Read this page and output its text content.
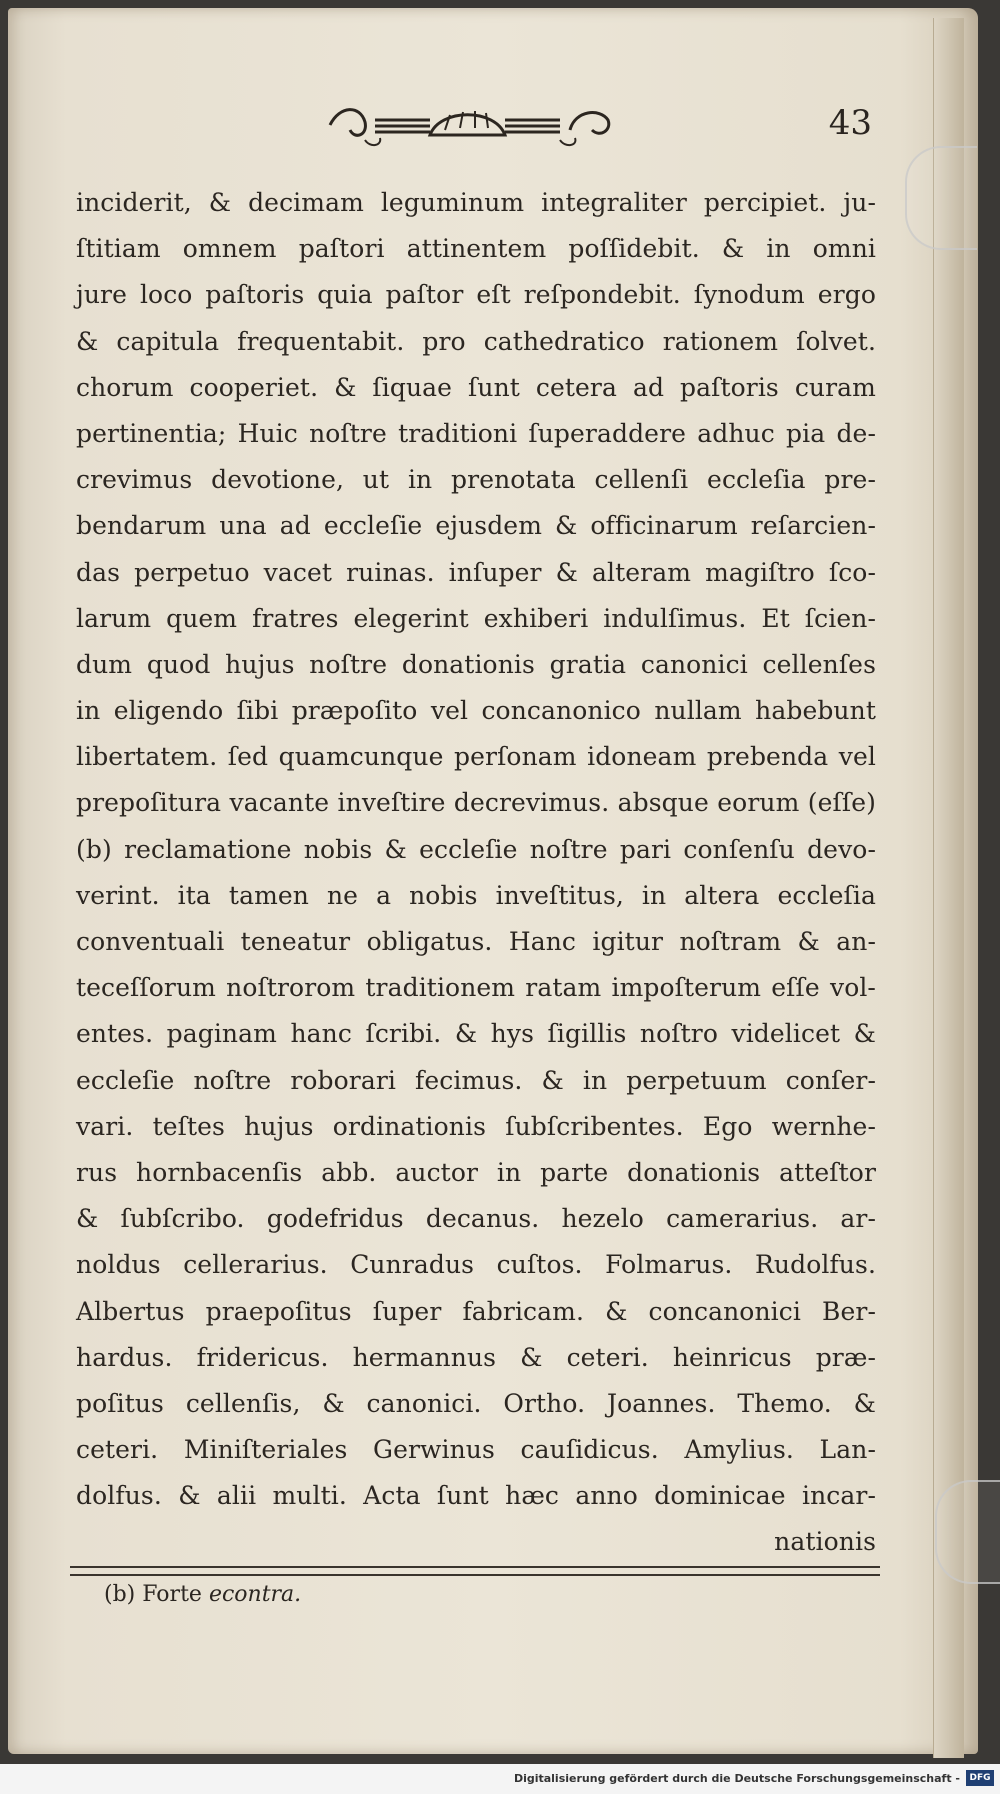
43
inciderit, & decimam leguminum integraliter percipiet. ju-
ſtitiam omnem paſtori attinentem poſſidebit. & in omni
jure loco paſtoris quia paſtor eſt reſpondebit. ſynodum ergo
& capitula frequentabit. pro cathedratico rationem ſolvet.
chorum cooperiet. & ſiquae ſunt cetera ad paſtoris curam
pertinentia; Huic noſtre traditioni ſuperaddere adhuc pia de-
crevimus devotione, ut in prenotata cellenſi eccleſia pre-
bendarum una ad eccleſie ejusdem & officinarum reſarcien-
das perpetuo vacet ruinas. inſuper & alteram magiſtro ſco-
larum quem fratres elegerint exhiberi indulſimus. Et ſcien-
dum quod hujus noſtre donationis gratia canonici cellenſes
in eligendo ſibi præpoſito vel concanonico nullam habebunt
libertatem. ſed quamcunque perſonam idoneam prebenda vel
prepoſitura vacante inveſtire decrevimus. absque eorum (eſſe)
(b) reclamatione nobis & eccleſie noſtre pari conſenſu devo-
verint. ita tamen ne a nobis inveſtitus, in altera eccleſia
conventuali teneatur obligatus. Hanc igitur noſtram & an-
teceſſorum noſtrorom traditionem ratam impoſterum eſſe vol-
entes. paginam hanc ſcribi. & hys ſigillis noſtro videlicet &
eccleſie noſtre roborari fecimus. & in perpetuum conſer-
vari. teſtes hujus ordinationis ſubſcribentes. Ego wernhe-
rus hornbacenſis abb. auctor in parte donationis atteſtor
& ſubſcribo. godefridus decanus. hezelo camerarius. ar-
noldus cellerarius. Cunradus cuſtos. Folmarus. Rudolfus.
Albertus praepoſitus ſuper fabricam. & concanonici Ber-
hardus. fridericus. hermannus & ceteri. heinricus præ-
poſitus cellenſis, & canonici. Ortho. Joannes. Themo. &
ceteri. Miniſteriales Gerwinus cauſidicus. Amylius. Lan-
dolfus. & alii multi. Acta ſunt hæc anno dominicae incar-
nationis
(b) Forte econtra.
Digitalisierung gefördert durch die Deutsche Forschungsgemeinschaft -	DFG
